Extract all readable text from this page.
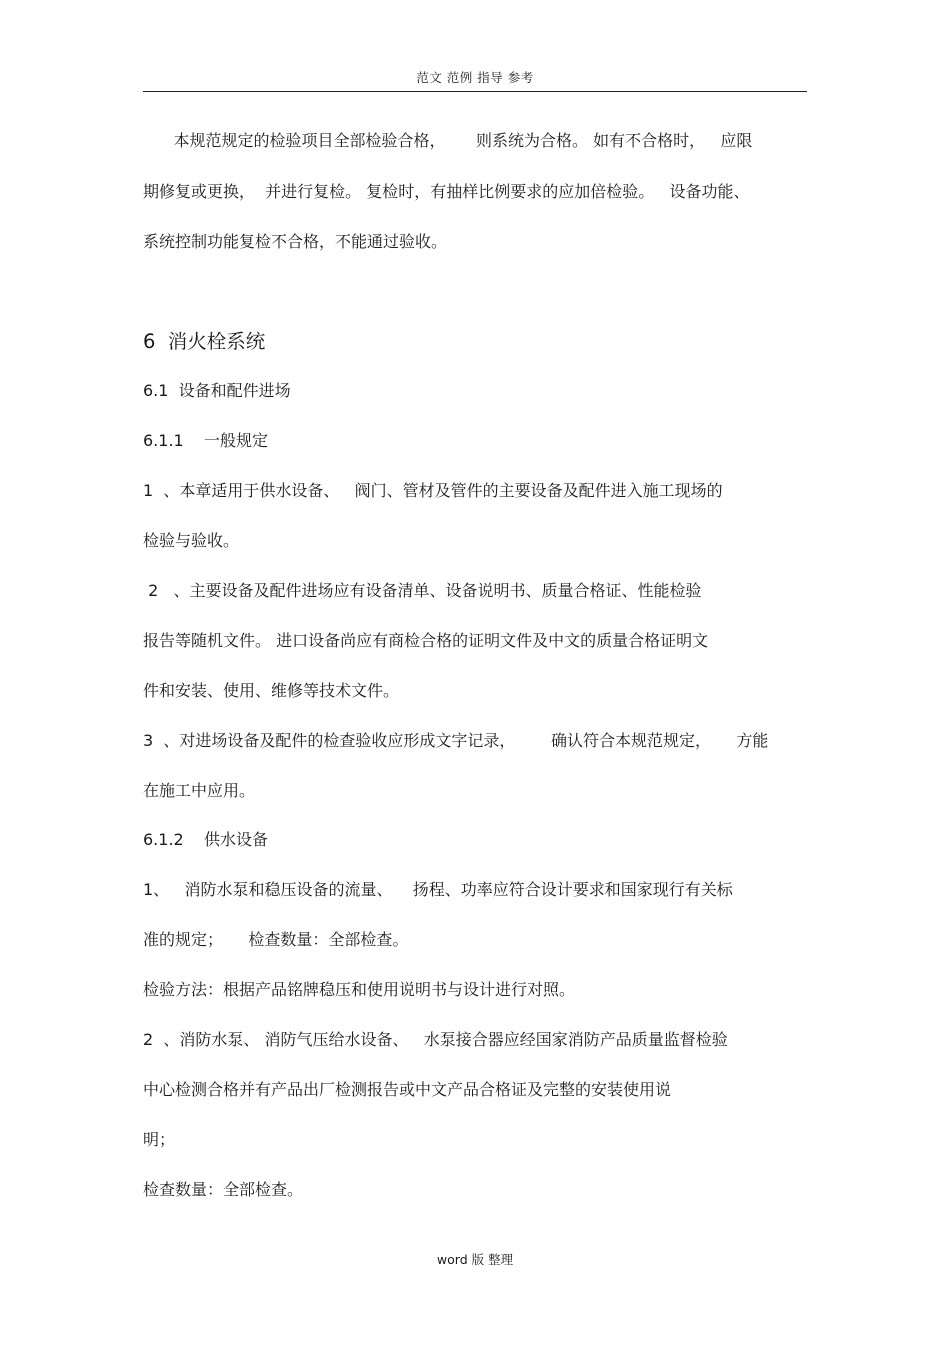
范文 范例 指导 参考
本规范规定的检验项目全部检验合格，      则系统为合格。 如有不合格时，   应限
期修复或更换，  并进行复检。 复检时，有抽样比例要求的应加倍检验。   设备功能、
系统控制功能复检不合格，不能通过验收。
6  消火栓系统
6.1  设备和配件进场
6.1.1    一般规定
1  、本章适用于供水设备、   阀门、管材及管件的主要设备及配件进入施工现场的
检验与验收。
2   、主要设备及配件进场应有设备清单、设备说明书、质量合格证、性能检验
报告等随机文件。 进口设备尚应有商检合格的证明文件及中文的质量合格证明文
件和安装、使用、维修等技术文件。
3  、对进场设备及配件的检查验收应形成文字记录，       确认符合本规范规定，     方能
在施工中应用。
6.1.2    供水设备
1、   消防水泵和稳压设备的流量、    扬程、功率应符合设计要求和国家现行有关标
准的规定；     检查数量：全部检查。
检验方法：根据产品铭牌稳压和使用说明书与设计进行对照。
2  、消防水泵、 消防气压给水设备、   水泵接合器应经国家消防产品质量监督检验
中心检测合格并有产品出厂检测报告或中文产品合格证及完整的安装使用说
明；
检查数量：全部检查。
word 版 整理
